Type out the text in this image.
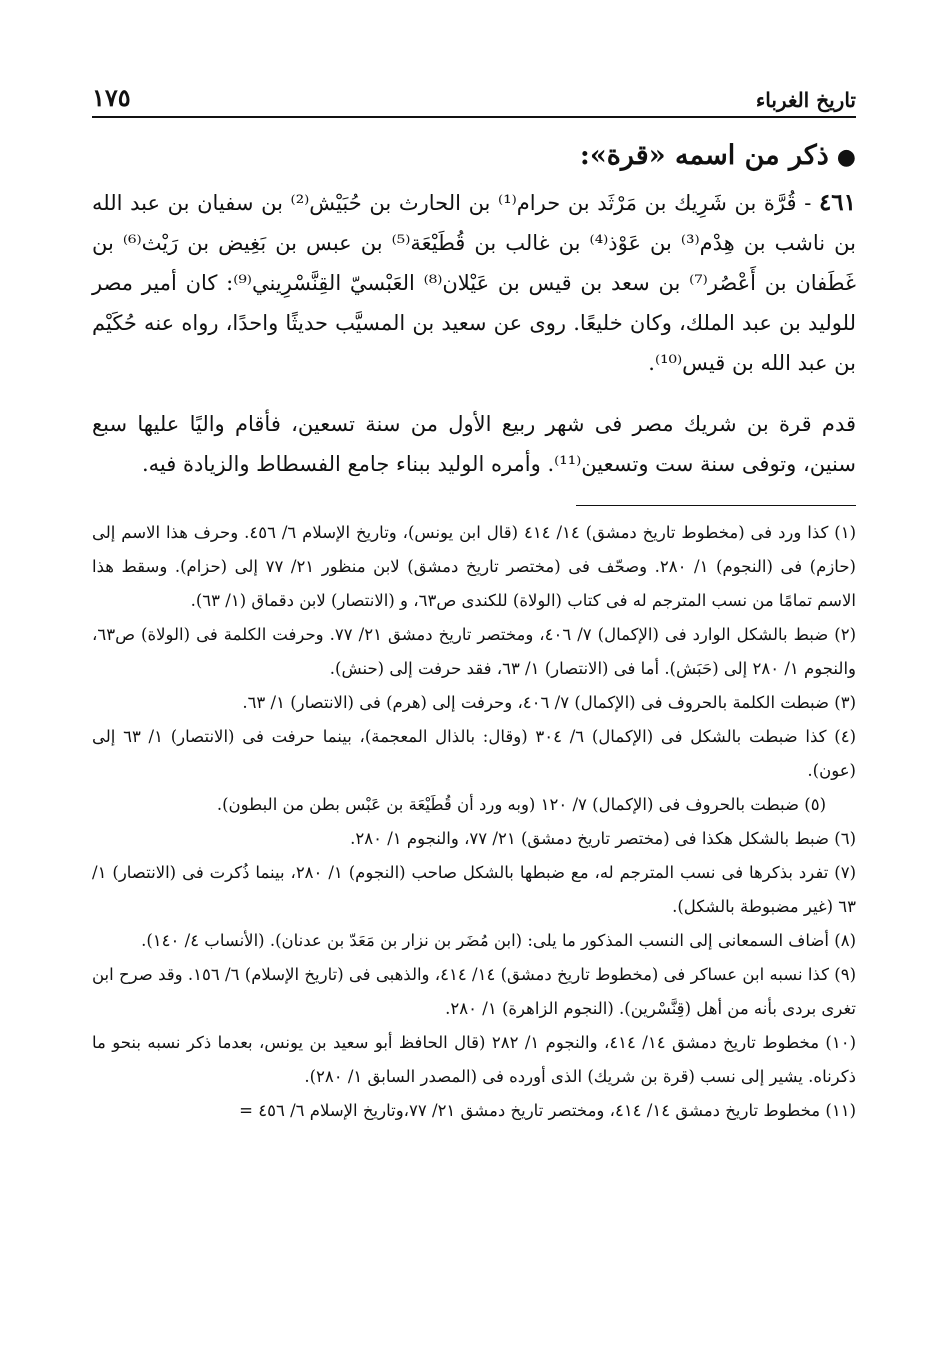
تاريخ الغرباء
١٧٥
●ذكر من اسمه «قرة»:

٤٦١ - قُرَّة بن شَرِيك بن مَرْثَد بن حرام⁽¹⁾ بن الحارث بن حُبَيْش⁽²⁾ بن سفيان بن عبد الله بن ناشب بن هِدْم⁽³⁾ بن عَوْذ⁽⁴⁾ بن غالب بن قُطَيْعَة⁽⁵⁾ بن عبس بن بَغِيض بن رَيْث⁽⁶⁾ بن غَطَفان بن أَعْصُر⁽⁷⁾ بن سعد بن قيس بن عَيْلان⁽⁸⁾ العَبْسيّ القِنَّسْرِيني⁽⁹⁾: كان أمير مصر للوليد بن عبد الملك، وكان خليعًا. روى عن سعيد بن المسيَّب حديثًا واحدًا، رواه عنه حُكَيْم بن عبد الله بن قيس⁽¹⁰⁾.

قدم قرة بن شريك مصر فى شهر ربيع الأول من سنة تسعين، فأقام واليًا عليها سبع سنين، وتوفى سنة ست وتسعين⁽¹¹⁾. وأمره الوليد ببناء جامع الفسطاط والزيادة فيه.

(١) كذا ورد فى (مخطوط تاريخ دمشق) ١٤/ ٤١٤ (قال ابن يونس)، وتاريخ الإسلام ٦/ ٤٥٦. وحرف هذا الاسم إلى (حازم) فى (النجوم) ١/ ٢٨٠. وصحّف فى (مختصر تاريخ دمشق) لابن منظور ٢١/ ٧٧ إلى (حزام). وسقط هذا الاسم تمامًا من نسب المترجم له فى كتاب (الولاة) للكندى ص٦٣، و (الانتصار) لابن دقماق (١/ ٦٣).
(٢) ضبط بالشكل الوارد فى (الإكمال) ٧/ ٤٠٦، ومختصر تاريخ دمشق ٢١/ ٧٧. وحرفت الكلمة فى (الولاة) ص٦٣، والنجوم ١/ ٢٨٠ إلى (حَبَش). أما فى (الانتصار) ١/ ٦٣، فقد حرفت إلى (حنش).
(٣) ضبطت الكلمة بالحروف فى (الإكمال) ٧/ ٤٠٦، وحرفت إلى (هرم) فى (الانتصار) ١/ ٦٣.
(٤) كذا ضبطت بالشكل فى (الإكمال) ٦/ ٣٠٤ (وقال: بالذال المعجمة)، بينما حرفت فى (الانتصار) ١/ ٦٣ إلى (عون).
(٥) ضبطت بالحروف فى (الإكمال) ٧/ ١٢٠ (وبه ورد أن قُطَيْعَة بن عَبْس بطن من البطون).
(٦) ضبط بالشكل هكذا فى (مختصر تاريخ دمشق) ٢١/ ٧٧، والنجوم ١/ ٢٨٠.
(٧) تفرد بذكرها فى نسب المترجم له، مع ضبطها بالشكل صاحب (النجوم) ١/ ٢٨٠، بينما ذُكرت فى (الانتصار) ١/ ٦٣ (غير مضبوطة بالشكل).
(٨) أضاف السمعانى إلى النسب المذكور ما يلى: (ابن مُضَر بن نزار بن مَعَدّ بن عدنان). (الأنساب ٤/ ١٤٠).
(٩) كذا نسبه ابن عساكر فى (مخطوط تاريخ دمشق) ١٤/ ٤١٤، والذهبى فى (تاريخ الإسلام) ٦/ ١٥٦. وقد صرح ابن تغرى بردى بأنه من أهل (قِنَّسْرين). (النجوم الزاهرة) ١/ ٢٨٠.
(١٠) مخطوط تاريخ دمشق ١٤/ ٤١٤، والنجوم ١/ ٢٨٢ (قال الحافظ أبو سعيد بن يونس، بعدما ذكر نسبه بنحو ما ذكرناه. يشير إلى نسب (قرة بن شريك) الذى أورده فى (المصدر السابق ١/ ٢٨٠).
(١١) مخطوط تاريخ دمشق ١٤/ ٤١٤، ومختصر تاريخ دمشق ٢١/ ٧٧،وتاريخ الإسلام ٦/ ٤٥٦ =
